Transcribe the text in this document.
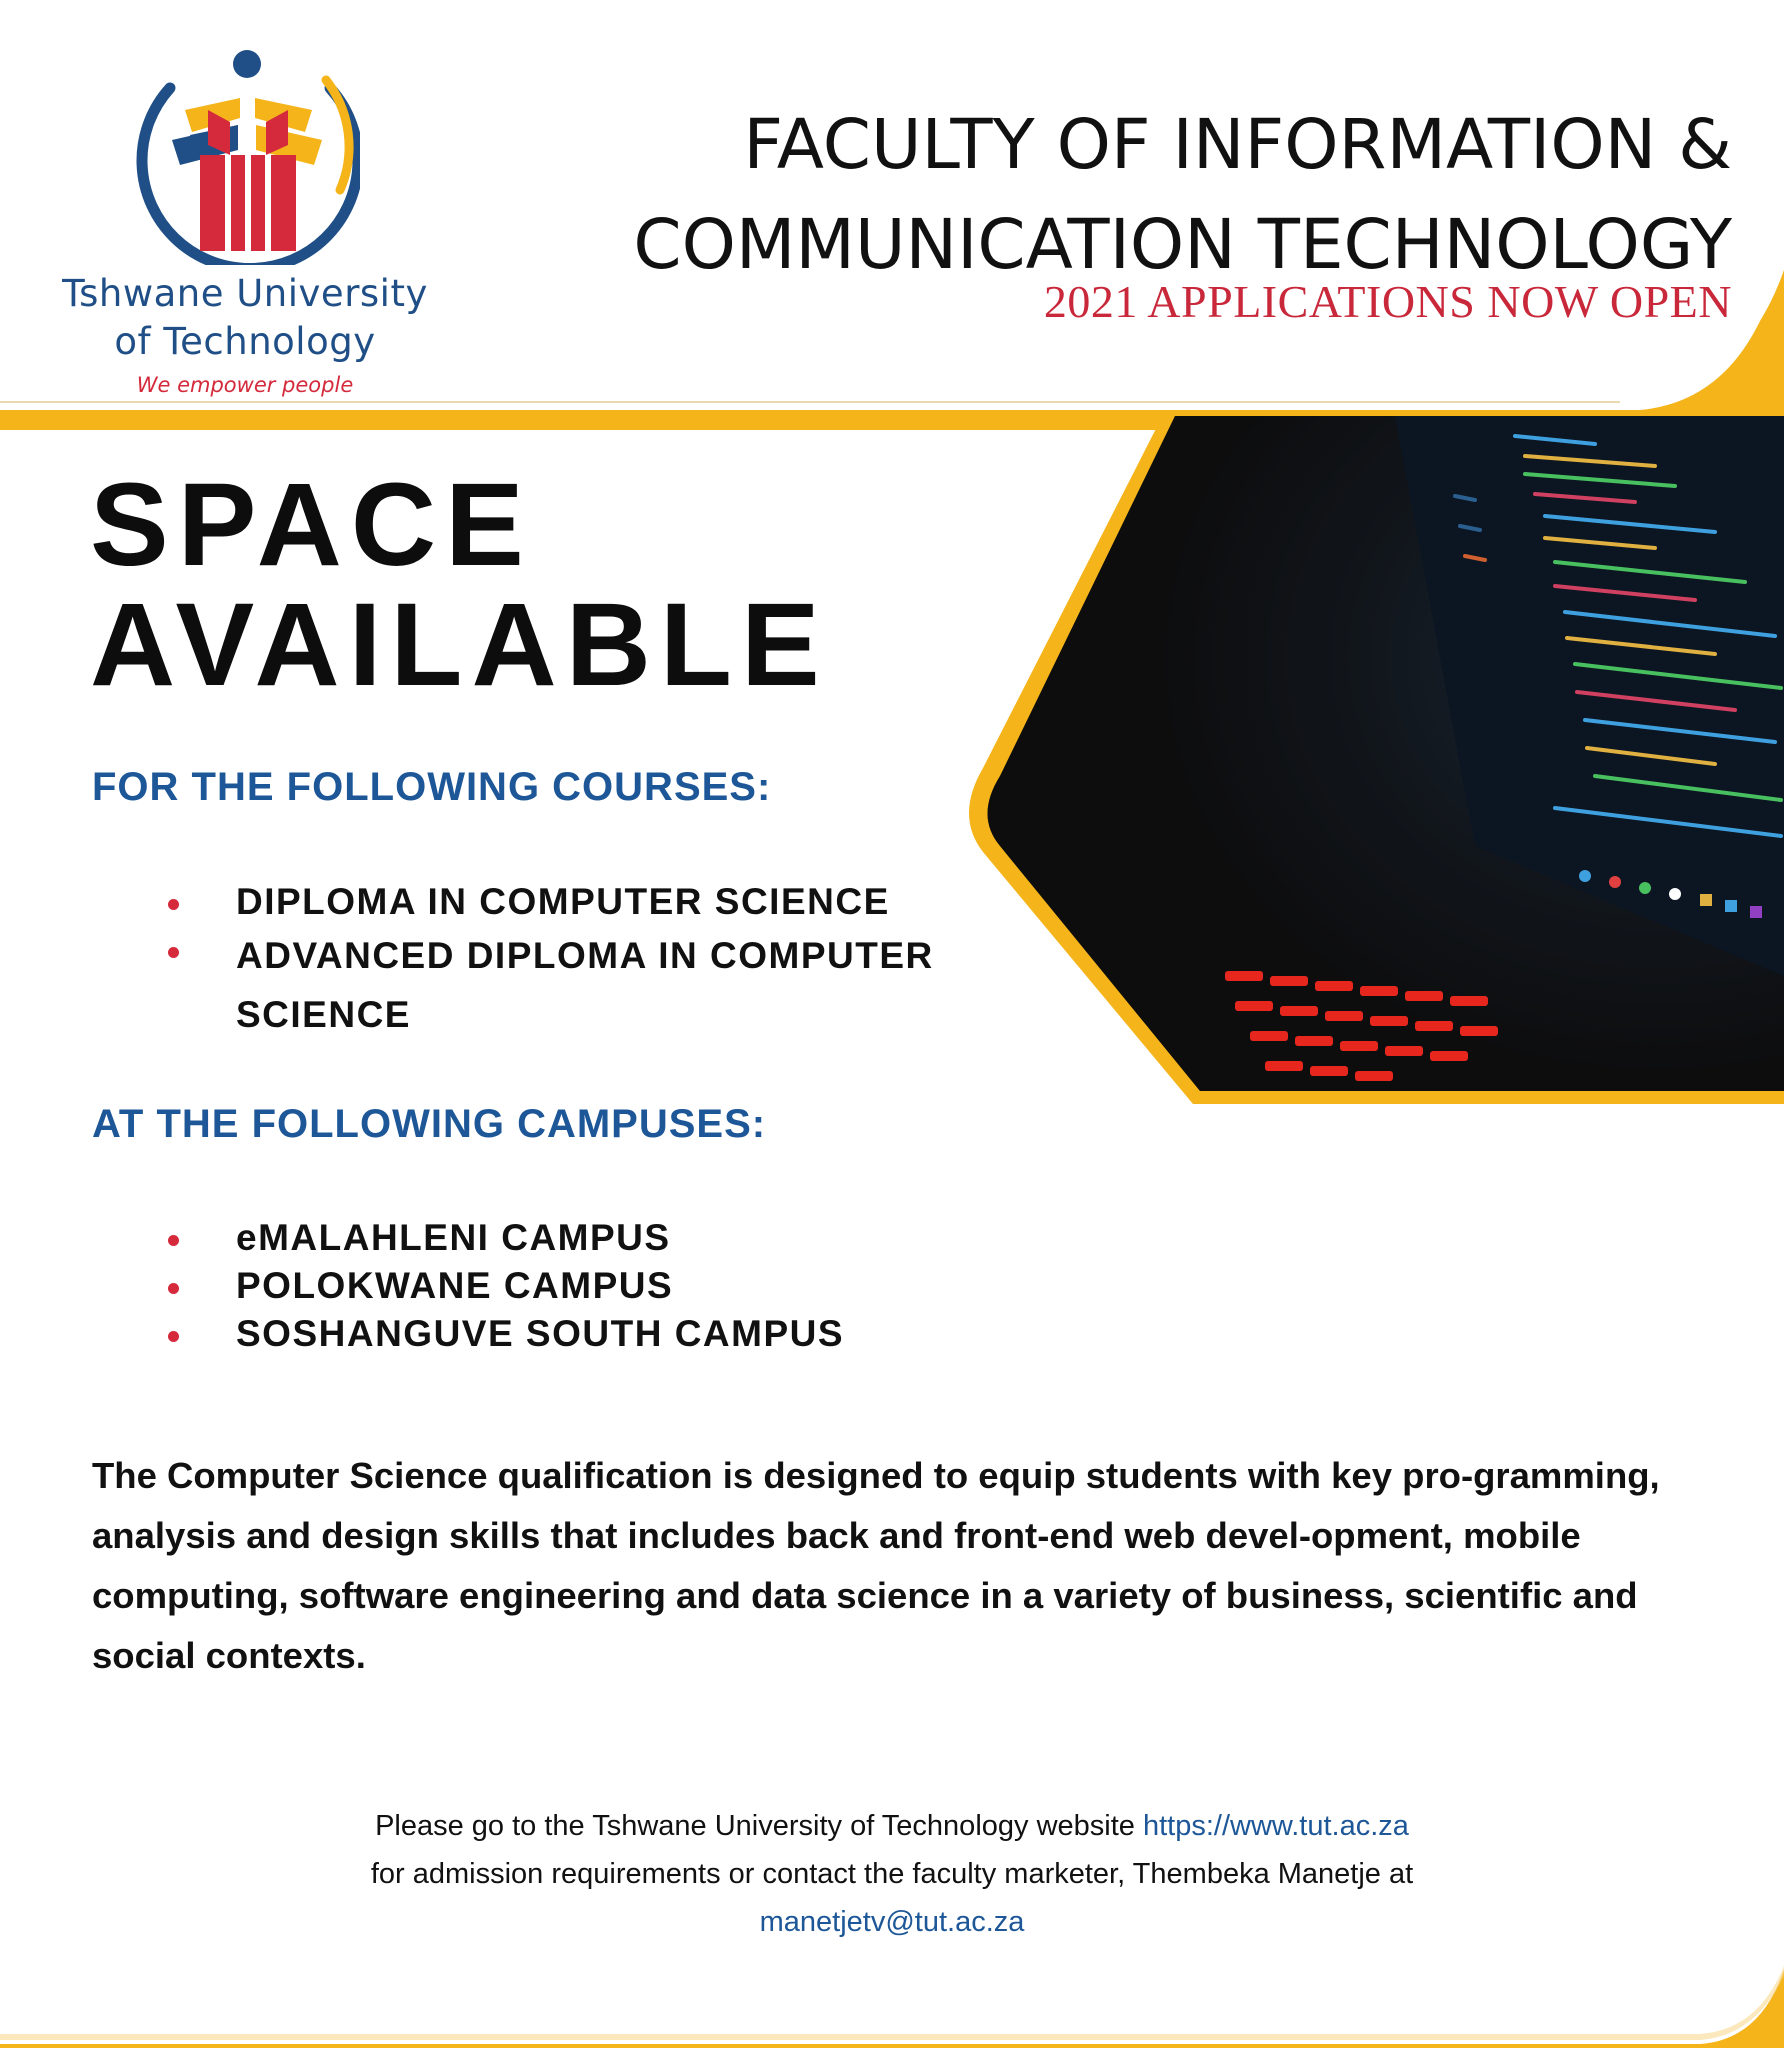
Tshwane University
of Technology
We empower people
FACULTY OF INFORMATION &
COMMUNICATION TECHNOLOGY
2021 APPLICATIONS NOW OPEN
SPACE
AVAILABLE
FOR THE FOLLOWING COURSES:
DIPLOMA IN COMPUTER SCIENCE
ADVANCED DIPLOMA IN COMPUTER
SCIENCE
AT THE FOLLOWING CAMPUSES:
eMALAHLENI CAMPUS
POLOKWANE CAMPUS
SOSHANGUVE SOUTH CAMPUS

The Computer Science qualification is designed to equip students with key pro-gramming, analysis and design skills that includes back and front-end web devel-opment, mobile computing, software engineering and data science in a variety of business, scientific and social contexts.

Please go to the Tshwane University of Technology website https://www.tut.ac.za
for admission requirements or contact the faculty marketer, Thembeka Manetje at
manetjetv@tut.ac.za
